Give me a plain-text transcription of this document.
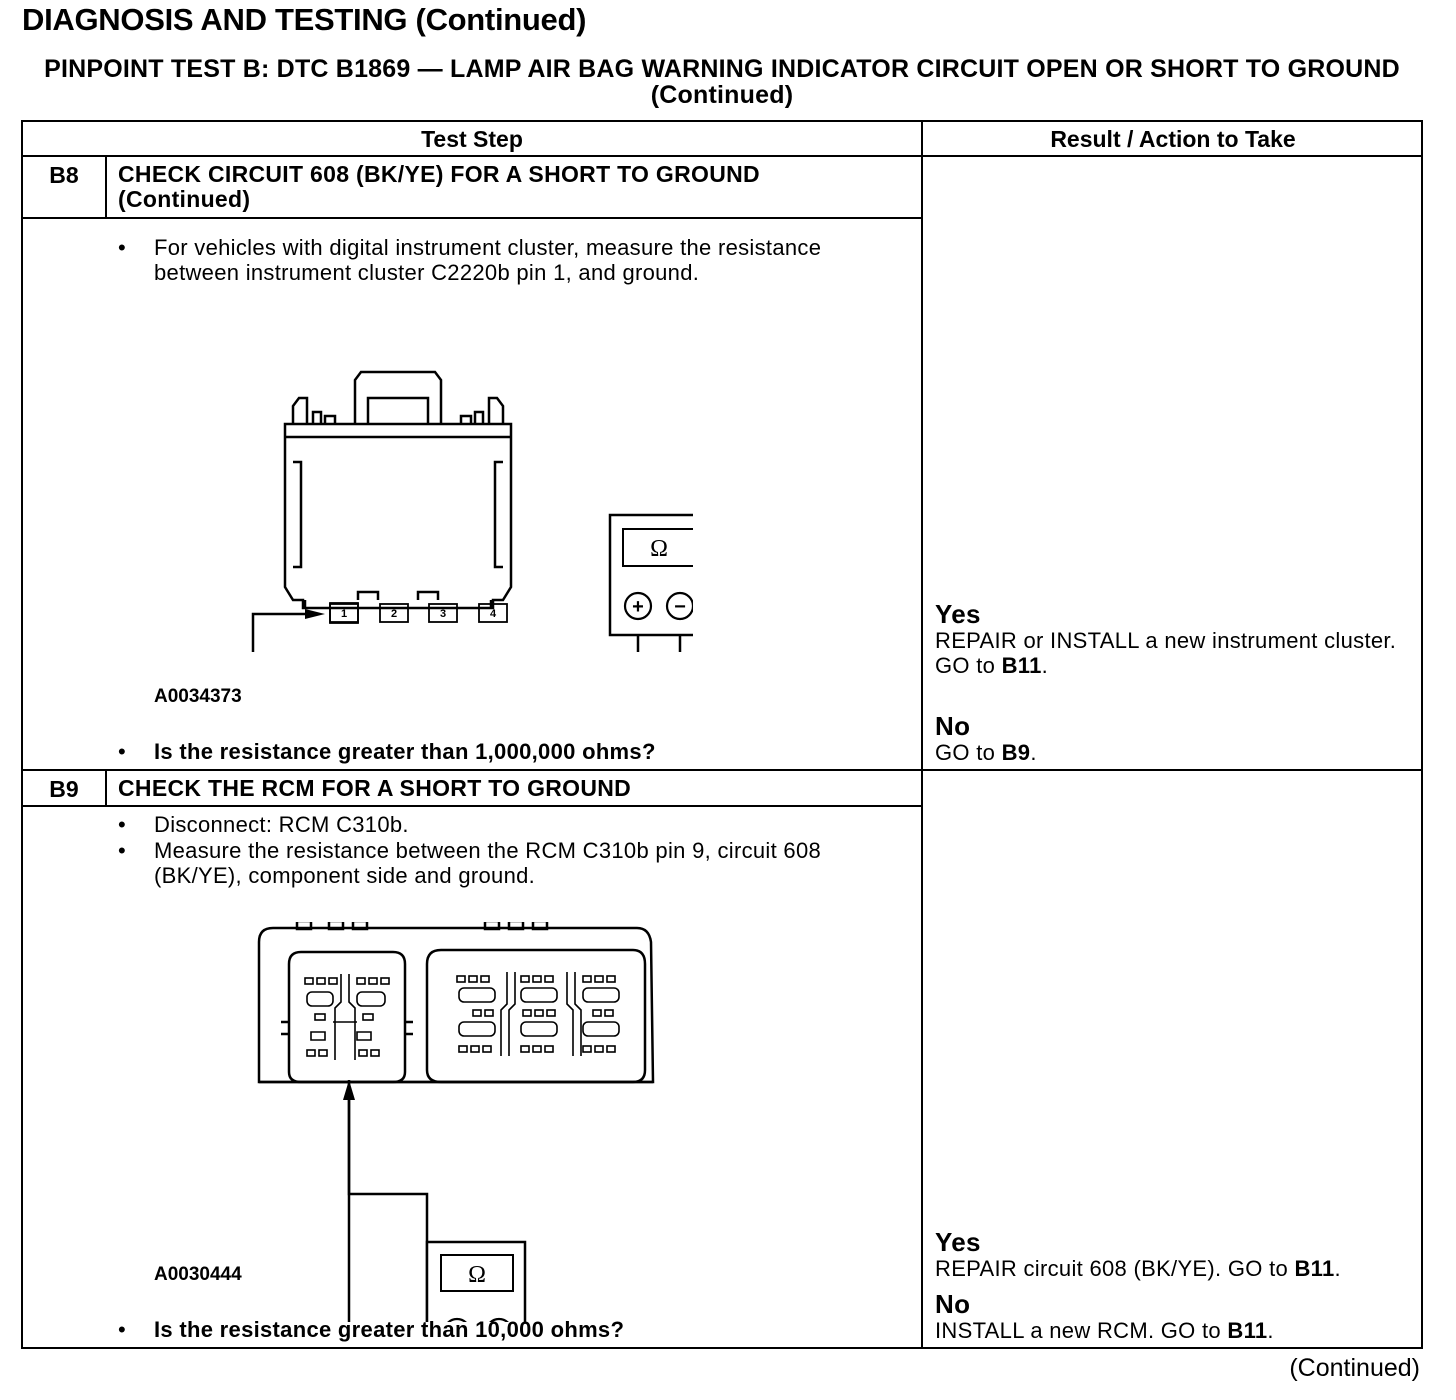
DIAGNOSIS AND TESTING (Continued)
PINPOINT TEST B: DTC B1869 — LAMP AIR BAG WARNING INDICATOR CIRCUIT OPEN OR SHORT TO GROUND (Continued)
Test Step	Result / Action to Take
B8	CHECK CIRCUIT 608 (BK/YE) FOR A SHORT TO GROUND (Continued)
• For vehicles with digital instrument cluster, measure the resistance between instrument cluster C2220b pin 1, and ground.
1	2	3	4
Ω
+ −
A0034373
• Is the resistance greater than 1,000,000 ohms?
Yes
REPAIR or INSTALL a new instrument cluster. GO to B11.
No
GO to B9.
B9	CHECK THE RCM FOR A SHORT TO GROUND
• Disconnect: RCM C310b.
• Measure the resistance between the RCM C310b pin 9, circuit 608 (BK/YE), component side and ground.
Ω
A0030444
• Is the resistance greater than 10,000 ohms?
Yes
REPAIR circuit 608 (BK/YE). GO to B11.
No
INSTALL a new RCM. GO to B11.
(Continued)
